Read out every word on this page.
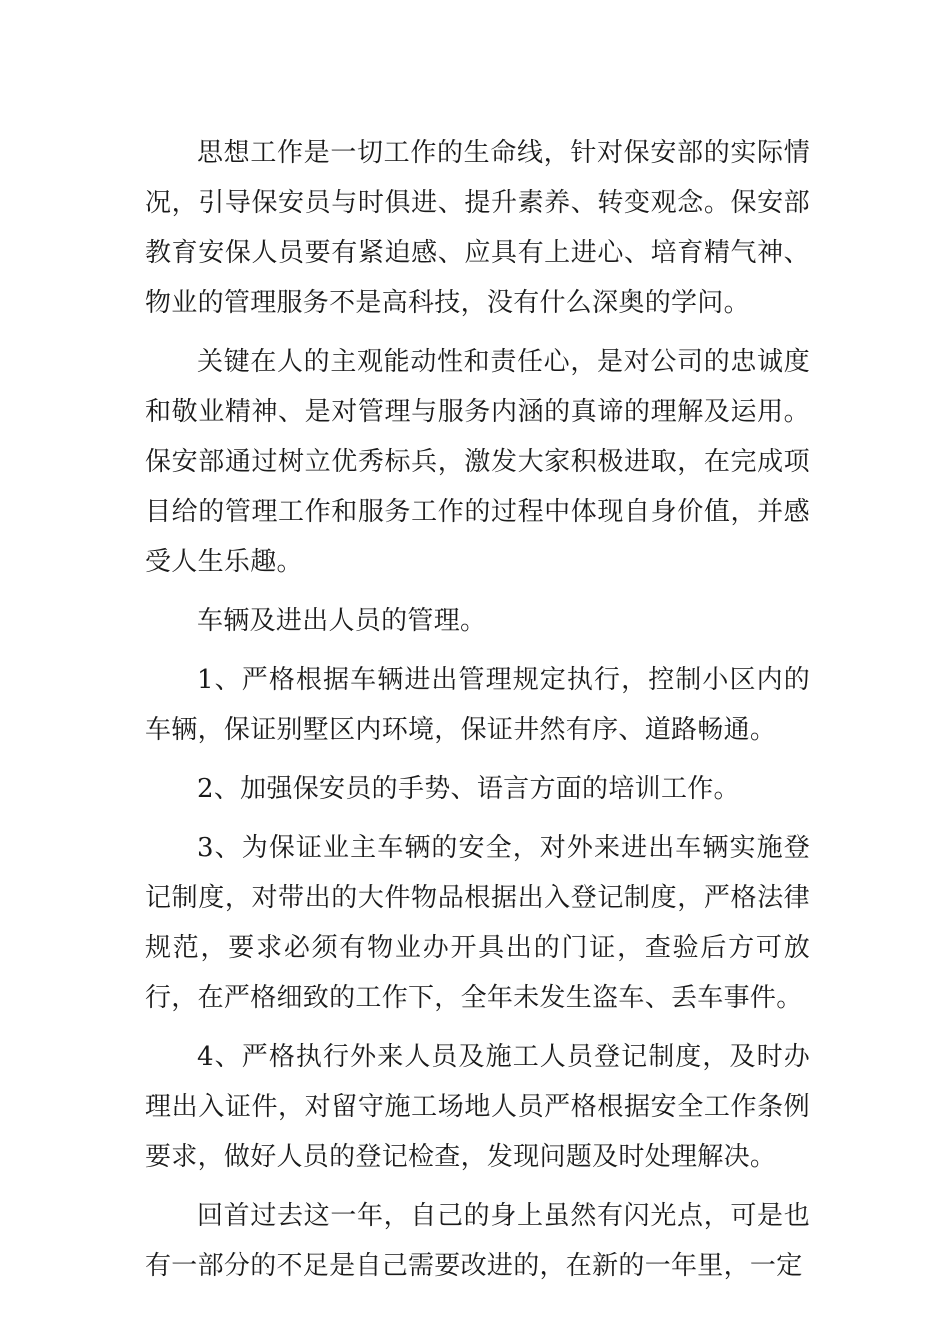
思想工作是一切工作的生命线，针对保安部的实际情况，引导保安员与时俱进、提升素养、转变观念。保安部教育安保人员要有紧迫感、应具有上进心、培育精气神、物业的管理服务不是高科技，没有什么深奥的学问。

关键在人的主观能动性和责任心，是对公司的忠诚度和敬业精神、是对管理与服务内涵的真谛的理解及运用。保安部通过树立优秀标兵，激发大家积极进取，在完成项目给的管理工作和服务工作的过程中体现自身价值，并感受人生乐趣。

车辆及进出人员的管理。

1、严格根据车辆进出管理规定执行，控制小区内的车辆，保证别墅区内环境，保证井然有序、道路畅通。

2、加强保安员的手势、语言方面的培训工作。

3、为保证业主车辆的安全，对外来进出车辆实施登记制度，对带出的大件物品根据出入登记制度，严格法律规范，要求必须有物业办开具出的门证，查验后方可放行，在严格细致的工作下，全年未发生盗车、丢车事件。

4、严格执行外来人员及施工人员登记制度，及时办理出入证件，对留守施工场地人员严格根据安全工作条例要求，做好人员的登记检查，发现问题及时处理解决。

回首过去这一年，自己的身上虽然有闪光点，可是也有一部分的不足是自己需要改进的，在新的一年里，一定
